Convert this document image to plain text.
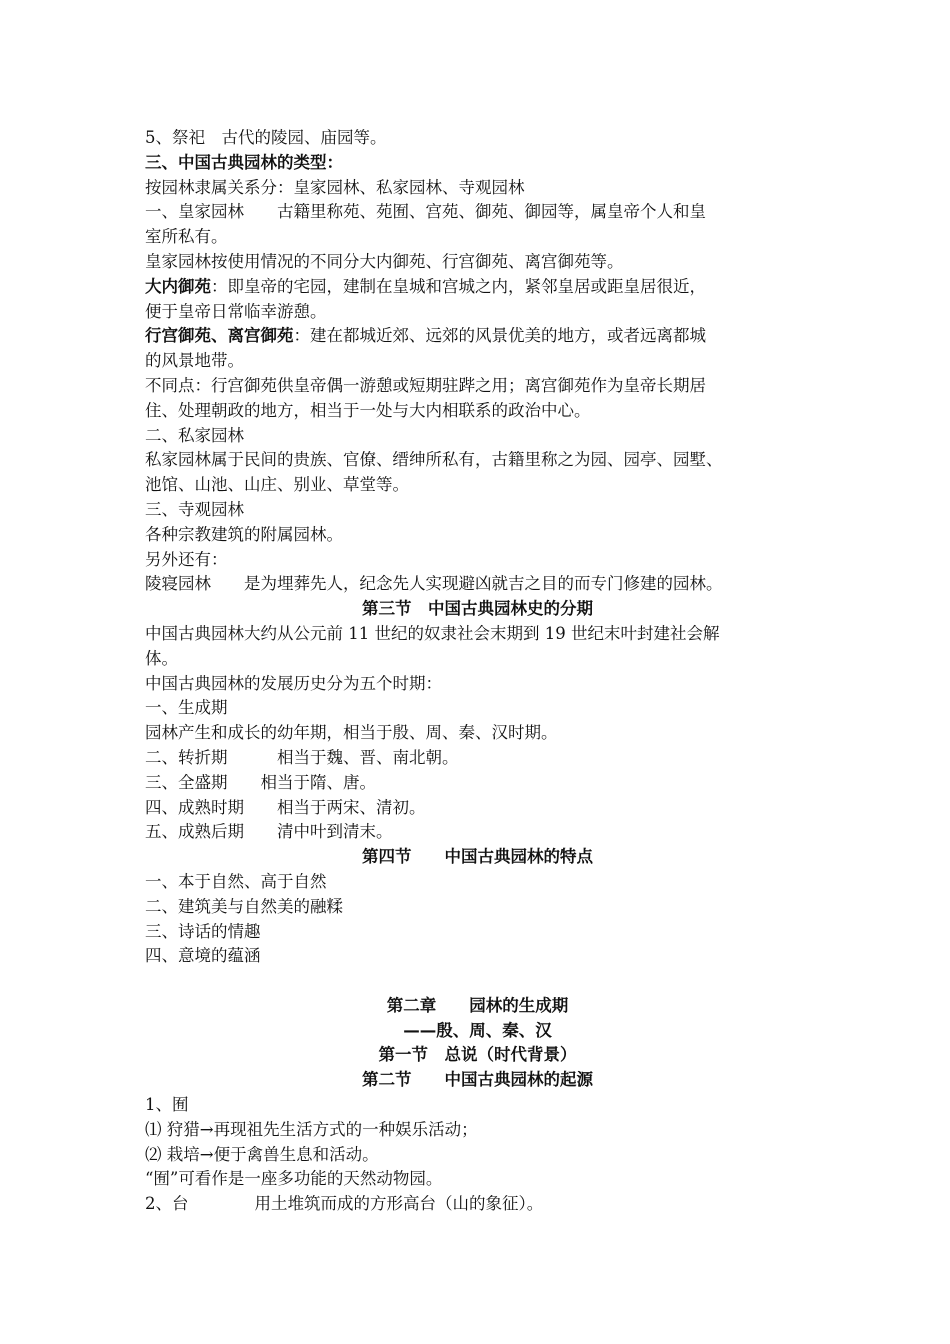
5、祭祀　古代的陵园、庙园等。

三、中国古典园林的类型：

按园林隶属关系分：皇家园林、私家园林、寺观园林

一、皇家园林　　古籍里称苑、苑囿、宫苑、御苑、御园等，属皇帝个人和皇

室所私有。

皇家园林按使用情况的不同分大内御苑、行宫御苑、离宫御苑等。

大内御苑：即皇帝的宅园，建制在皇城和宫城之内，紧邻皇居或距皇居很近，

便于皇帝日常临幸游憩。

行宫御苑、离宫御苑：建在都城近郊、远郊的风景优美的地方，或者远离都城

的风景地带。

不同点：行宫御苑供皇帝偶一游憩或短期驻跸之用；离宫御苑作为皇帝长期居

住、处理朝政的地方，相当于一处与大内相联系的政治中心。

二、私家园林

私家园林属于民间的贵族、官僚、缙绅所私有，古籍里称之为园、园亭、园墅、

池馆、山池、山庄、别业、草堂等。

三、寺观园林

各种宗教建筑的附属园林。

另外还有：

陵寝园林　　是为埋葬先人，纪念先人实现避凶就吉之目的而专门修建的园林。

第三节　中国古典园林史的分期

中国古典园林大约从公元前 11 世纪的奴隶社会末期到 19 世纪末叶封建社会解

体。

中国古典园林的发展历史分为五个时期：

一、生成期

园林产生和成长的幼年期，相当于殷、周、秦、汉时期。

二、转折期　　　相当于魏、晋、南北朝。

三、全盛期　　相当于隋、唐。

四、成熟时期　　相当于两宋、清初。

五、成熟后期　　清中叶到清末。

第四节　　中国古典园林的特点

一、本于自然、高于自然

二、建筑美与自然美的融糅

三、诗话的情趣

四、意境的蕴涵

第二章　　园林的生成期

——殷、周、秦、汉

第一节　总说（时代背景）

第二节　　中国古典园林的起源

1、囿

⑴ 狩猎→再现祖先生活方式的一种娱乐活动；

⑵ 栽培→便于禽兽生息和活动。

“囿”可看作是一座多功能的天然动物园。

2、台　　　　用土堆筑而成的方形高台（山的象征）。
